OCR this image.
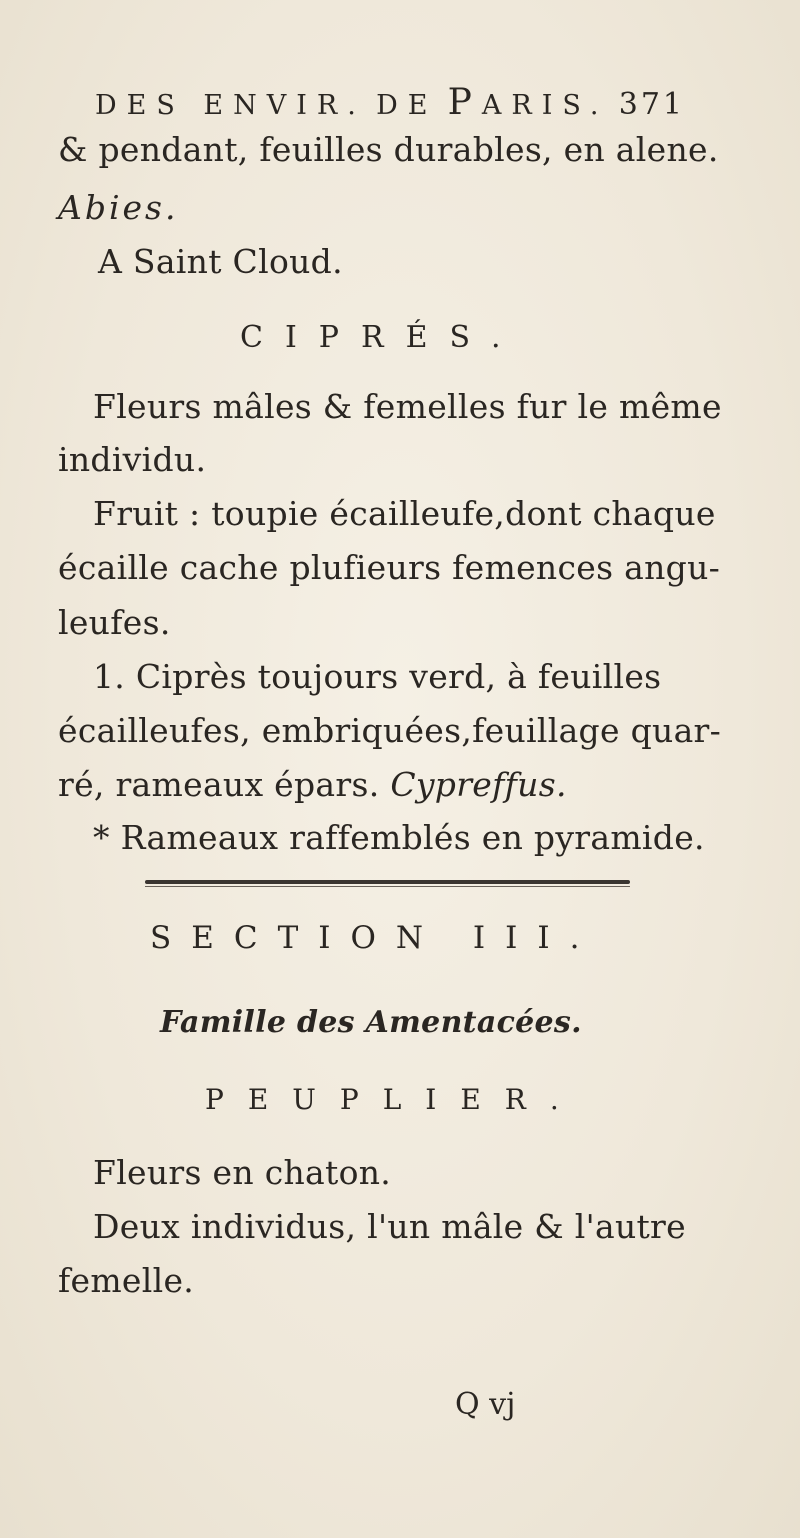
DES ENVIR. DE PARIS. 371
& pendant, feuilles durables, en alene.
Abies.
A Saint Cloud.
CIPRÉS.
Fleurs mâles & femelles fur le même
individu.
Fruit : toupie écailleufe,dont chaque
écaille cache plufieurs femences angu-
leufes.
1. Ciprès toujours verd, à feuilles
écailleufes, embriquées,feuillage quar-
ré, rameaux épars. Cypreffus.
* Rameaux raffemblés en pyramide.
SECTION III.
Famille des Amentacées.
PEUPLIER.
Fleurs en chaton.
Deux individus, l'un mâle & l'autre
femelle.
Q vj
